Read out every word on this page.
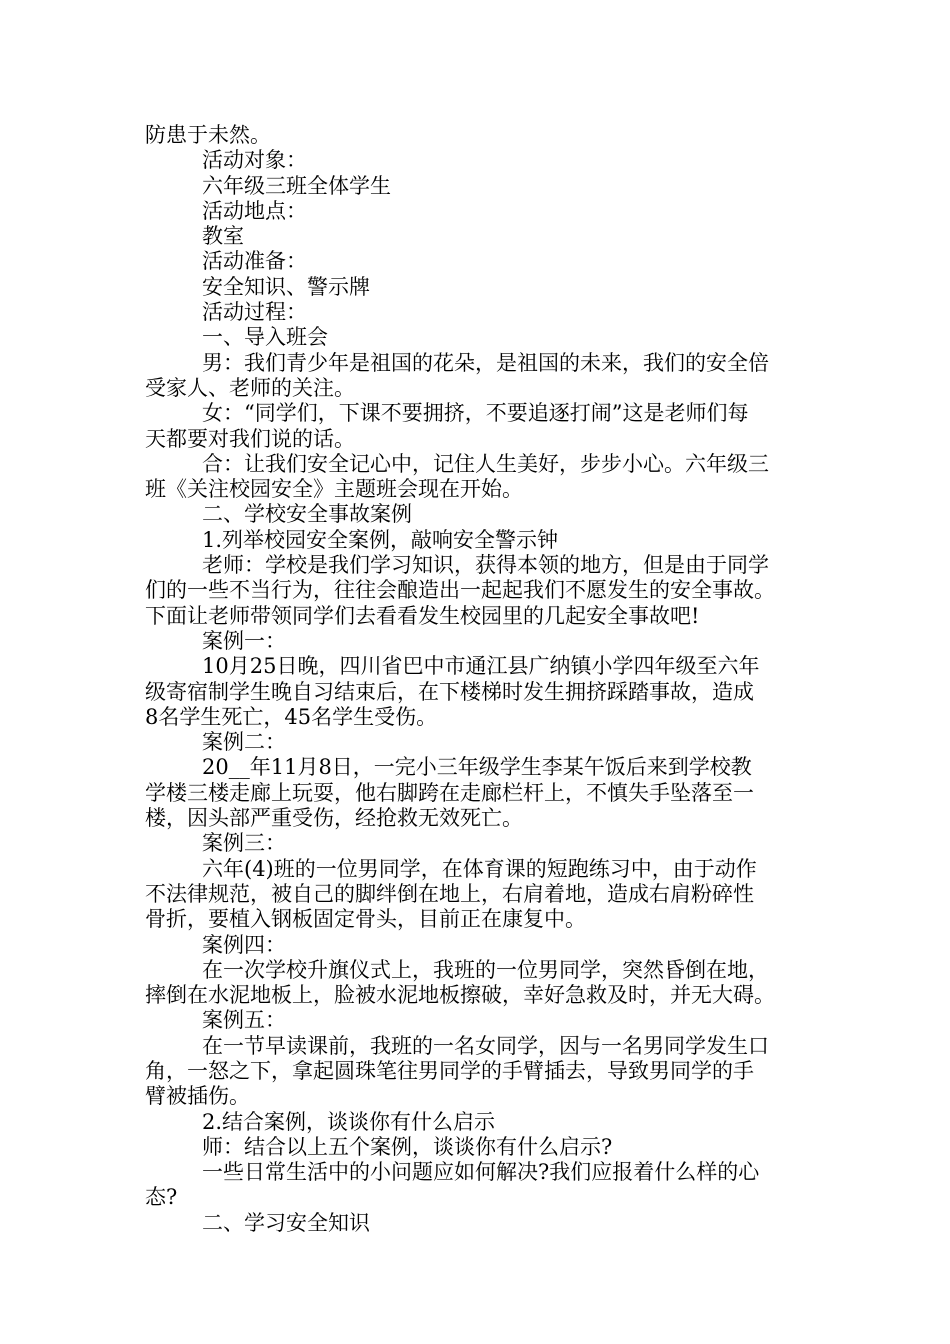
防患于未然。
活动对象：
六年级三班全体学生
活动地点：
教室
活动准备：
安全知识、警示牌
活动过程：
一、导入班会
男：我们青少年是祖国的花朵，是祖国的未来，我们的安全倍
受家人、老师的关注。
女：“同学们，下课不要拥挤，不要追逐打闹”这是老师们每
天都要对我们说的话。
合：让我们安全记心中，记住人生美好，步步小心。六年级三
班《关注校园安全》主题班会现在开始。
二、学校安全事故案例
1.列举校园安全案例，敲响安全警示钟
老师：学校是我们学习知识，获得本领的地方，但是由于同学
们的一些不当行为，往往会酿造出一起起我们不愿发生的安全事故。
下面让老师带领同学们去看看发生校园里的几起安全事故吧!
案例一：
10月25日晚，四川省巴中市通江县广纳镇小学四年级至六年
级寄宿制学生晚自习结束后，在下楼梯时发生拥挤踩踏事故，造成
8名学生死亡，45名学生受伤。
案例二：
20__年11月8日，一完小三年级学生李某午饭后来到学校教
学楼三楼走廊上玩耍，他右脚跨在走廊栏杆上，不慎失手坠落至一
楼，因头部严重受伤，经抢救无效死亡。
案例三：
六年(4)班的一位男同学，在体育课的短跑练习中，由于动作
不法律规范，被自己的脚绊倒在地上，右肩着地，造成右肩粉碎性
骨折，要植入钢板固定骨头，目前正在康复中。
案例四：
在一次学校升旗仪式上，我班的一位男同学，突然昏倒在地，
摔倒在水泥地板上，脸被水泥地板擦破，幸好急救及时，并无大碍。
案例五：
在一节早读课前，我班的一名女同学，因与一名男同学发生口
角，一怒之下，拿起圆珠笔往男同学的手臂插去，导致男同学的手
臂被插伤。
2.结合案例，谈谈你有什么启示
师：结合以上五个案例，谈谈你有什么启示?
一些日常生活中的小问题应如何解决?我们应报着什么样的心
态?
二、学习安全知识
